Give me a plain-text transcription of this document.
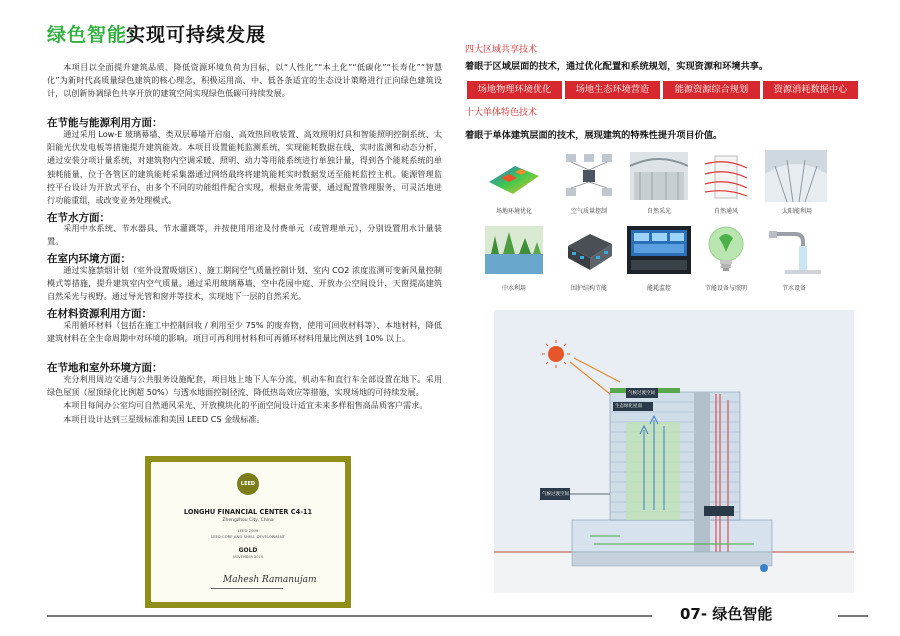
绿色智能：
实现可持续发展
本项目以全面提升建筑品质、降低资源环境负荷为目标，以“人性化”“本土化”“低碳化”“长寿化”“智慧化”为新时代高质量绿色建筑的核心理念，积极运用高、中、低各条适宜的生态设计策略进行正向绿色建筑设计，以创新协调绿色共享开放的建筑空间实现绿色低碳可持续发展。
在节能与能源利用方面：
通过采用 Low-E 玻璃幕墙、类双层幕墙开启扇、高效热回收装置、高效照明灯具和智能照明控制系统、太阳能光伏发电板等措施提升建筑能效。本项目设置能耗监测系统，实现能耗数据在线、实时监测和动态分析，通过安装分项计量系统，对建筑物内空调采暖、照明、动力等用能系统进行单独计量，得到各个能耗系统的单独耗能量，位于各管区的建筑能耗采集器通过网络最终将建筑能耗实时数据发送至能耗监控主机。能源管理监控平台设计为开放式平台，由多个不同的功能组件配合实现，根据业务需要，通过配置管理服务，可灵活地进行功能重组，或改变业务处理模式。
在节水方面：
采用中水系统、节水器具、节水灌溉等，并按使用用途及付费单元（或管理单元），分别设置用水计量装置。
在室内环境方面：
通过实施禁烟计划（室外设置吸烟区）、施工期间空气质量控制计划、室内 CO2 浓度监测可变新风量控制模式等措施，提升建筑室内空气质量。通过采用玻璃幕墙、空中花园中庭、开放办公空间设计，天窗提高建筑自然采光与视野。通过导光管和窗井等技术，实现地下一层的自然采光。
在材料资源利用方面：
采用循环材料（包括在施工中控制回收 / 利用至少 75% 的废弃物，使用可回收材料等）、本地材料，降低建筑材料在全生命周期中对环境的影响。项目可再利用材料和可再循环材料用量比例达到 10% 以上。
在节地和室外环境方面：
充分利用周边交通与公共服务设施配套，项目地上地下人车分流，机动车和直行车全部设置在地下。采用绿色屋顶（屋顶绿化比例超 50%）与透水地面控制径流、降低热岛效应等措施，实现场地的可持续发展。
本项目每间办公室均可自然通风采光、开放模块化的平面空间设计适宜未来多样租售高品质客户需求。
本项目设计达到三星级标准和美国 LEED CS 金级标准。
LEED
LONGHU FINANCIAL CENTER C4-11
Zhengzhou City, China
LEED 2009
LEED CORE AND SHELL DEVELOPMENT
GOLD
NOVEMBER 2016
Mahesh Ramanujam
四大区域共享技术
着眼于区域层面的技术，通过优化配置和系统规划，实现资源和环境共享。
场地物理环境优化	场地生态环境营造	能源资源综合规划	资源消耗数据中心
十大单体特色技术
着眼于单体建筑层面的技术，展现建筑的特殊性提升项目价值。
场地环境优化	空气质量控制	自然采光	自然通风	太阳能利用
中水利用	围护结构节能	能耗监控	节能设备与照明	节水设备
生态绿化屋面
气候过渡空间
气候过渡空间
07- 绿色智能
